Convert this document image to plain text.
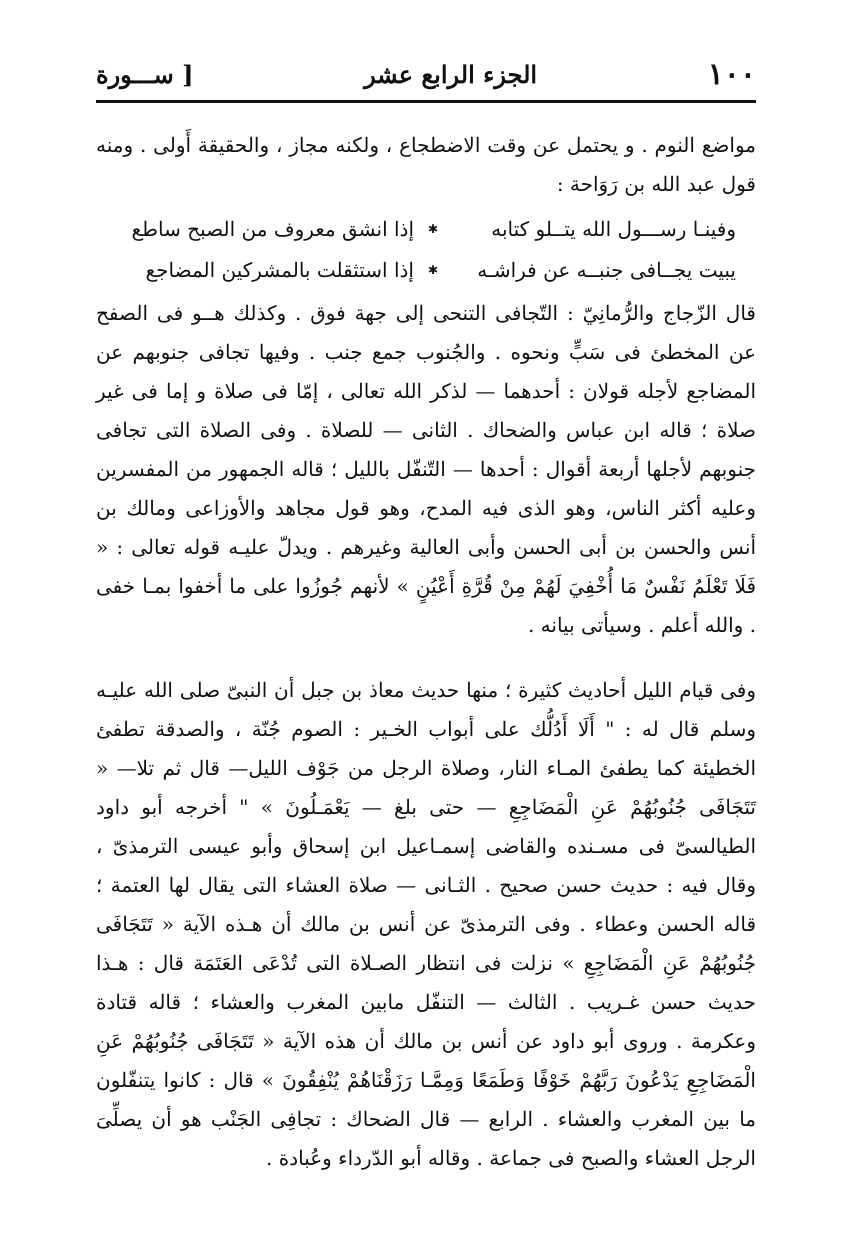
١٠٠
الجزء الرابع عشر
[ ســـورة

مواضع النوم . و يحتمل عن وقت الاضطجاع ، ولكنه مجاز ، والحقيقة أَولى . ومنه قول عبد الله بن رَوَاحة :

وفينـا رســـول الله يتــلو كتابه
✱
إذا انشق معروف من الصبح ساطع
يبيت يجــافى جنبــه عن فراشـه
✱
إذا استثقلت بالمشركين المضاجع

قال الزّجاج والرُّمانِيّ : التّجافى التنحى إلى جهة فوق . وكذلك هــو فى الصفح عن المخطئ فى سَبٍّ ونحوه . والجُنوب جمع جنب . وفيها تجافى جنوبهم عن المضاجع لأجله قولان : أحدهما — لذكر الله تعالى ، إمّا فى صلاة و إما فى غير صلاة ؛ قاله ابن عباس والضحاك . الثانى — للصلاة . وفى الصلاة التى تجافى جنوبهم لأجلها أربعة أقوال : أحدها — التّنفّل بالليل ؛ قاله الجمهور من المفسرين وعليه أكثر الناس، وهو الذى فيه المدح، وهو قول مجاهد والأوزاعى ومالك بن أنس والحسن بن أبى الحسن وأبى العالية وغيرهم . ويدلّ عليـه قوله تعالى : « فَلَا تَعْلَمُ نَفْسٌ مَا أُخْفِيَ لَهُمْ مِنْ قُرَّةِ أَعْيُنٍ » لأنهم جُوزُوا على ما أخفوا بمـا خفى . والله أعلم . وسيأتى بيانه .

وفى قيام الليل أحاديث كثيرة ؛ منها حديث معاذ بن جبل أن النبىّ صلى الله عليـه وسلم قال له : " أَلَا أَدُلُّك على أبواب الخـير : الصوم جُنّة ، والصدقة تطفئ الخطيئة كما يطفئ المـاء النار، وصلاة الرجل من جَوْف الليل— قال ثم تلا— « تَتَجَافَى جُنُوبُهُمْ عَنِ الْمَضَاجِعِ — حتى بلغ — يَعْمَـلُونَ » " أخرجه أبو داود الطيالسىّ فى مسـنده والقاضى إسمـاعيل ابن إسحاق وأبو عيسى الترمذىّ ، وقال فيه : حديث حسن صحيح . الثـانى — صلاة العشاء التى يقال لها العتمة ؛ قاله الحسن وعطاء . وفى الترمذىّ عن أنس بن مالك أن هـذه الآية « تَتَجَافَى جُنُوبُهُمْ عَنِ الْمَضَاجِعِ » نزلت فى انتظار الصـلاة التى تُدْعَى العَتَمَة قال : هـذا حديث حسن غـريب . الثالث — التنفّل مابين المغرب والعشاء ؛ قاله قتادة وعكرمة . وروى أبو داود عن أنس بن مالك أن هذه الآية « تَتَجَافَى جُنُوبُهُمْ عَنِ الْمَضَاجِعِ يَدْعُونَ رَبَّهُمْ خَوْفًا وَطَمَعًا وَمِمَّـا رَزَقْنَاهُمْ يُنْفِقُونَ » قال : كانوا يتنفّلون ما بين المغرب والعشاء . الرابع — قال الضحاك : تجافِى الجَنْب هو أن يصلِّىَ الرجل العشاء والصبح فى جماعة . وقاله أبو الدّرداء وعُبادة .
